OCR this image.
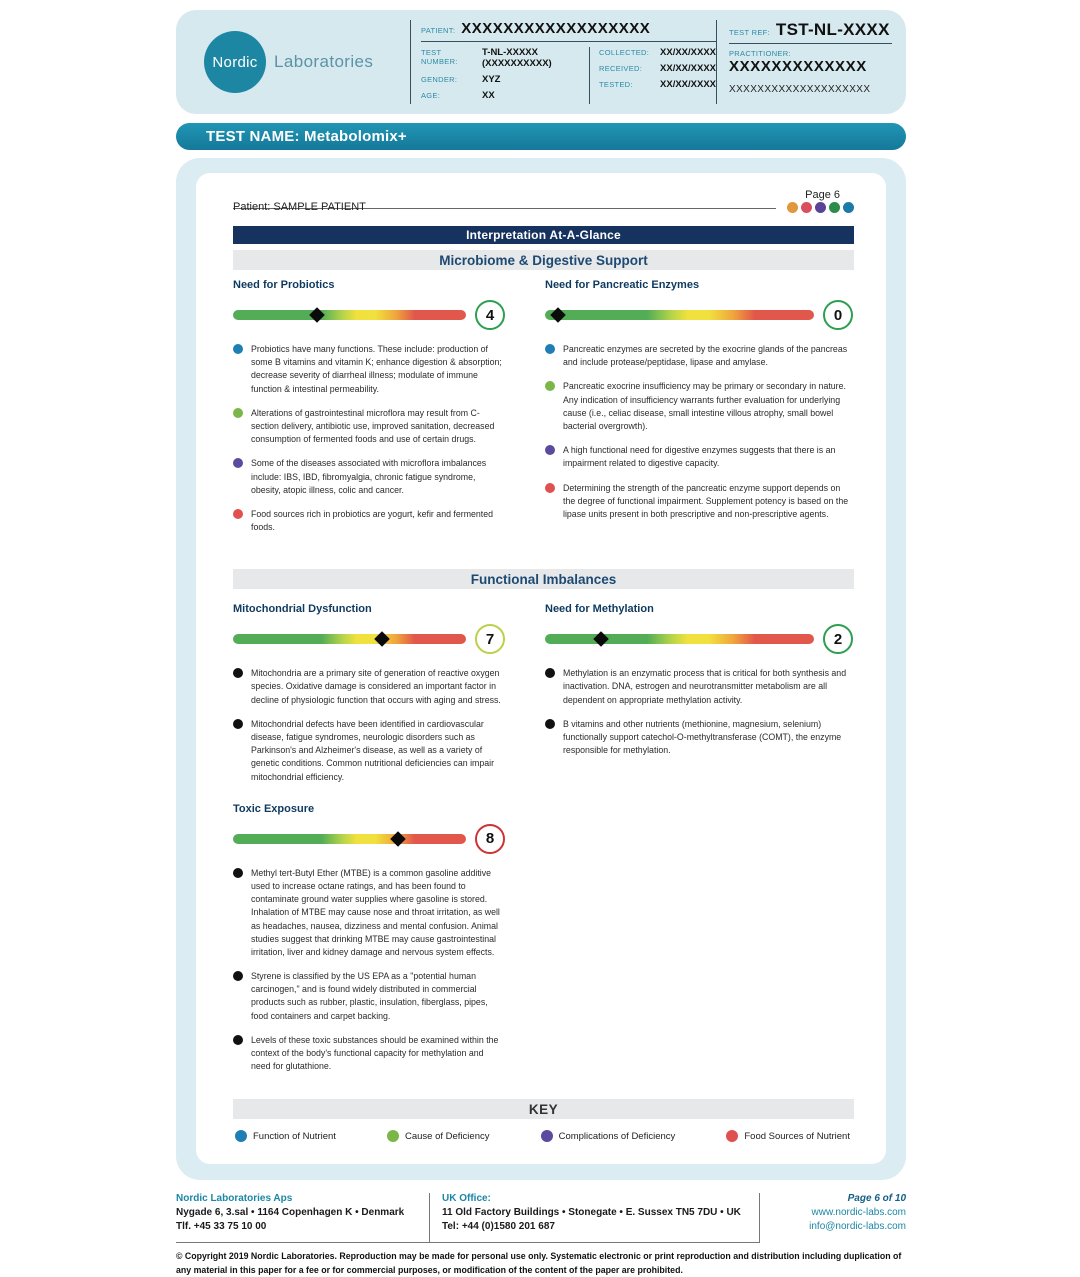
Nordic Laboratories
PATIENT: XXXXXXXXXXXXXXXXXX
TEST NUMBER:
T-NL-XXXXX (XXXXXXXXXX)
GENDER:	XYZ
AGE:	XX
COLLECTED:	XX/XX/XXXX
RECEIVED:	XX/XX/XXXX
TESTED:	XX/XX/XXXX
TEST REF: TST-NL-XXXX
PRACTITIONER:
XXXXXXXXXXXXX
XXXXXXXXXXXXXXXXXXXX
TEST NAME: Metabolomix+
Patient: SAMPLE PATIENT
Page 6
Interpretation At-A-Glance
Microbiome & Digestive Support
Need for Probiotics
4
Probiotics have many functions. These include: production of some B vitamins and vitamin K; enhance digestion & absorption; decrease severity of diarrheal illness; modulate of immune function & intestinal permeability.
Alterations of gastrointestinal microflora may result from C-section delivery, antibiotic use, improved sanitation, decreased consumption of fermented foods and use of certain drugs.
Some of the diseases associated with microflora imbalances include: IBS, IBD, fibromyalgia, chronic fatigue syndrome, obesity, atopic illness, colic and cancer.
Food sources rich in probiotics are yogurt, kefir and fermented foods.
Need for Pancreatic Enzymes
0
Pancreatic enzymes are secreted by the exocrine glands of the pancreas and include protease/peptidase, lipase and amylase.
Pancreatic exocrine insufficiency may be primary or secondary in nature. Any indication of insufficiency warrants further evaluation for underlying cause (i.e., celiac disease, small intestine villous atrophy, small bowel bacterial overgrowth).
A high functional need for digestive enzymes suggests that there is an impairment related to digestive capacity.
Determining the strength of the pancreatic enzyme support depends on the degree of functional impairment. Supplement potency is based on the lipase units present in both prescriptive and non-prescriptive agents.
Functional Imbalances
Mitochondrial Dysfunction
7
Mitochondria are a primary site of generation of reactive oxygen species. Oxidative damage is considered an important factor in decline of physiologic function that occurs with aging and stress.
Mitochondrial defects have been identified in cardiovascular disease, fatigue syndromes, neurologic disorders such as Parkinson's and Alzheimer's disease, as well as a variety of genetic conditions. Common nutritional deficiencies can impair mitochondrial efficiency.
Need for Methylation
2
Methylation is an enzymatic process that is critical for both synthesis and inactivation. DNA, estrogen and neurotransmitter metabolism are all dependent on appropriate methylation activity.
B vitamins and other nutrients (methionine, magnesium, selenium) functionally support catechol-O-methyltransferase (COMT), the enzyme responsible for methylation.
Toxic Exposure
8
Methyl tert-Butyl Ether (MTBE) is a common gasoline additive used to increase octane ratings, and has been found to contaminate ground water supplies where gasoline is stored. Inhalation of MTBE may cause nose and throat irritation, as well as headaches, nausea, dizziness and mental confusion. Animal studies suggest that drinking MTBE may cause gastrointestinal irritation, liver and kidney damage and nervous system effects.
Styrene is classified by the US EPA as a "potential human carcinogen," and is found widely distributed in commercial products such as rubber, plastic, insulation, fiberglass, pipes, food containers and carpet backing.
Levels of these toxic substances should be examined within the context of the body's functional capacity for methylation and need for glutathione.
KEY
Function of Nutrient	Cause of Deficiency	Complications of Deficiency	Food Sources of Nutrient
Nordic Laboratories Aps
Nygade 6, 3.sal • 1164 Copenhagen K • Denmark
Tlf. +45 33 75 10 00
UK Office:
11 Old Factory Buildings • Stonegate • E. Sussex TN5 7DU • UK
Tel: +44 (0)1580 201 687
Page 6 of 10
www.nordic-labs.com
info@nordic-labs.com
© Copyright 2019 Nordic Laboratories. Reproduction may be made for personal use only. Systematic electronic or print reproduction and distribution including duplication of any material in this paper for a fee or for commercial purposes, or modification of the content of the paper are prohibited.
